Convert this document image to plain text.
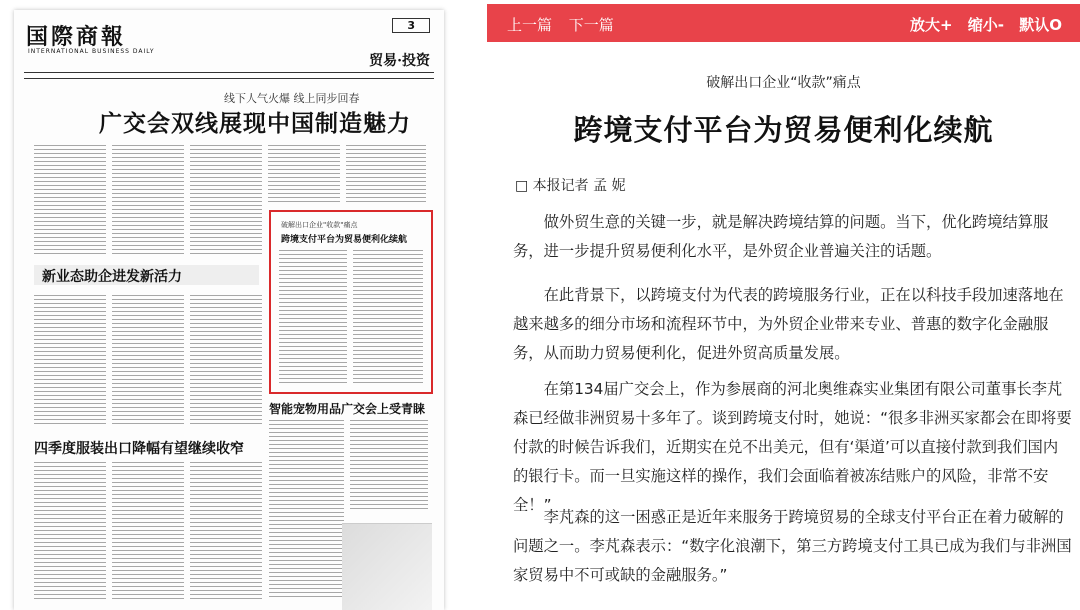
国際商報
INTERNATIONAL BUSINESS DAILY
3
贸易·投资
线下人气火爆 线上同步回春
广交会双线展现中国制造魅力
新业态助企进发新活力
破解出口企业"收款"痛点
跨境支付平台为贸易便利化续航
智能宠物用品广交会上受青睐
四季度服装出口降幅有望继续收窄
上一篇 下一篇	放大+ 缩小- 默认O
破解出口企业“收款”痛点
跨境支付平台为贸易便利化续航
□ 本报记者 孟 妮

做外贸生意的关键一步，就是解决跨境结算的问题。当下，优化跨境结算服务，进一步提升贸易便利化水平，是外贸企业普遍关注的话题。

在此背景下，以跨境支付为代表的跨境服务行业，正在以科技手段加速落地在越来越多的细分市场和流程环节中，为外贸企业带来专业、普惠的数字化金融服务，从而助力贸易便利化，促进外贸高质量发展。

在第134届广交会上，作为参展商的河北奥维森实业集团有限公司董事长李芃森已经做非洲贸易十多年了。谈到跨境支付时，她说：“很多非洲买家都会在即将要付款的时候告诉我们，近期实在兑不出美元，但有‘渠道’可以直接付款到我们国内的银行卡。而一旦实施这样的操作，我们会面临着被冻结账户的风险，非常不安全！”

李芃森的这一困惑正是近年来服务于跨境贸易的全球支付平台正在着力破解的问题之一。李芃森表示：“数字化浪潮下，第三方跨境支付工具已成为我们与非洲国家贸易中不可或缺的金融服务。”
